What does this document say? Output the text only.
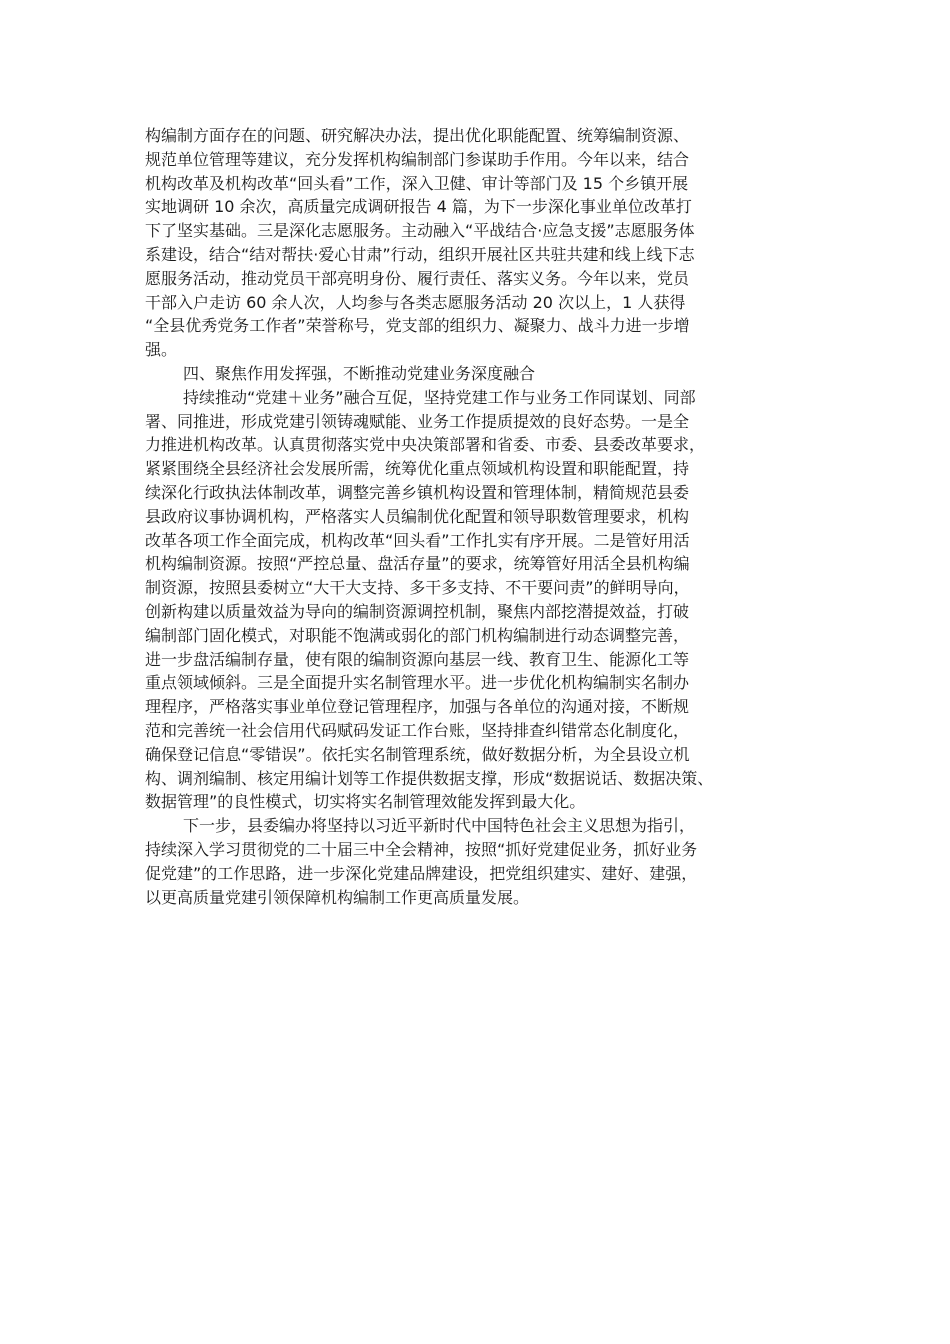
构编制方面存在的问题、研究解决办法，提出优化职能配置、统筹编制资源、
规范单位管理等建议，充分发挥机构编制部门参谋助手作用。今年以来，结合
机构改革及机构改革“回头看”工作，深入卫健、审计等部门及 15 个乡镇开展
实地调研 10 余次，高质量完成调研报告 4 篇，为下一步深化事业单位改革打
下了坚实基础。三是深化志愿服务。主动融入“平战结合·应急支援”志愿服务体
系建设，结合“结对帮扶·爱心甘肃”行动，组织开展社区共驻共建和线上线下志
愿服务活动，推动党员干部亮明身份、履行责任、落实义务。今年以来，党员
干部入户走访 60 余人次，人均参与各类志愿服务活动 20 次以上，1 人获得
“全县优秀党务工作者”荣誉称号，党支部的组织力、凝聚力、战斗力进一步增
强。
四、聚焦作用发挥强，不断推动党建业务深度融合
持续推动“党建＋业务”融合互促，坚持党建工作与业务工作同谋划、同部
署、同推进，形成党建引领铸魂赋能、业务工作提质提效的良好态势。一是全
力推进机构改革。认真贯彻落实党中央决策部署和省委、市委、县委改革要求，
紧紧围绕全县经济社会发展所需，统筹优化重点领域机构设置和职能配置，持
续深化行政执法体制改革，调整完善乡镇机构设置和管理体制，精简规范县委
县政府议事协调机构，严格落实人员编制优化配置和领导职数管理要求，机构
改革各项工作全面完成，机构改革“回头看”工作扎实有序开展。二是管好用活
机构编制资源。按照“严控总量、盘活存量”的要求，统筹管好用活全县机构编
制资源，按照县委树立“大干大支持、多干多支持、不干要问责”的鲜明导向，
创新构建以质量效益为导向的编制资源调控机制，聚焦内部挖潜提效益，打破
编制部门固化模式，对职能不饱满或弱化的部门机构编制进行动态调整完善，
进一步盘活编制存量，使有限的编制资源向基层一线、教育卫生、能源化工等
重点领域倾斜。三是全面提升实名制管理水平。进一步优化机构编制实名制办
理程序，严格落实事业单位登记管理程序，加强与各单位的沟通对接，不断规
范和完善统一社会信用代码赋码发证工作台账，坚持排查纠错常态化制度化，
确保登记信息“零错误”。依托实名制管理系统，做好数据分析，为全县设立机
构、调剂编制、核定用编计划等工作提供数据支撑，形成“数据说话、数据决策、
数据管理”的良性模式，切实将实名制管理效能发挥到最大化。
下一步，县委编办将坚持以习近平新时代中国特色社会主义思想为指引，
持续深入学习贯彻党的二十届三中全会精神，按照“抓好党建促业务，抓好业务
促党建”的工作思路，进一步深化党建品牌建设，把党组织建实、建好、建强，
以更高质量党建引领保障机构编制工作更高质量发展。
